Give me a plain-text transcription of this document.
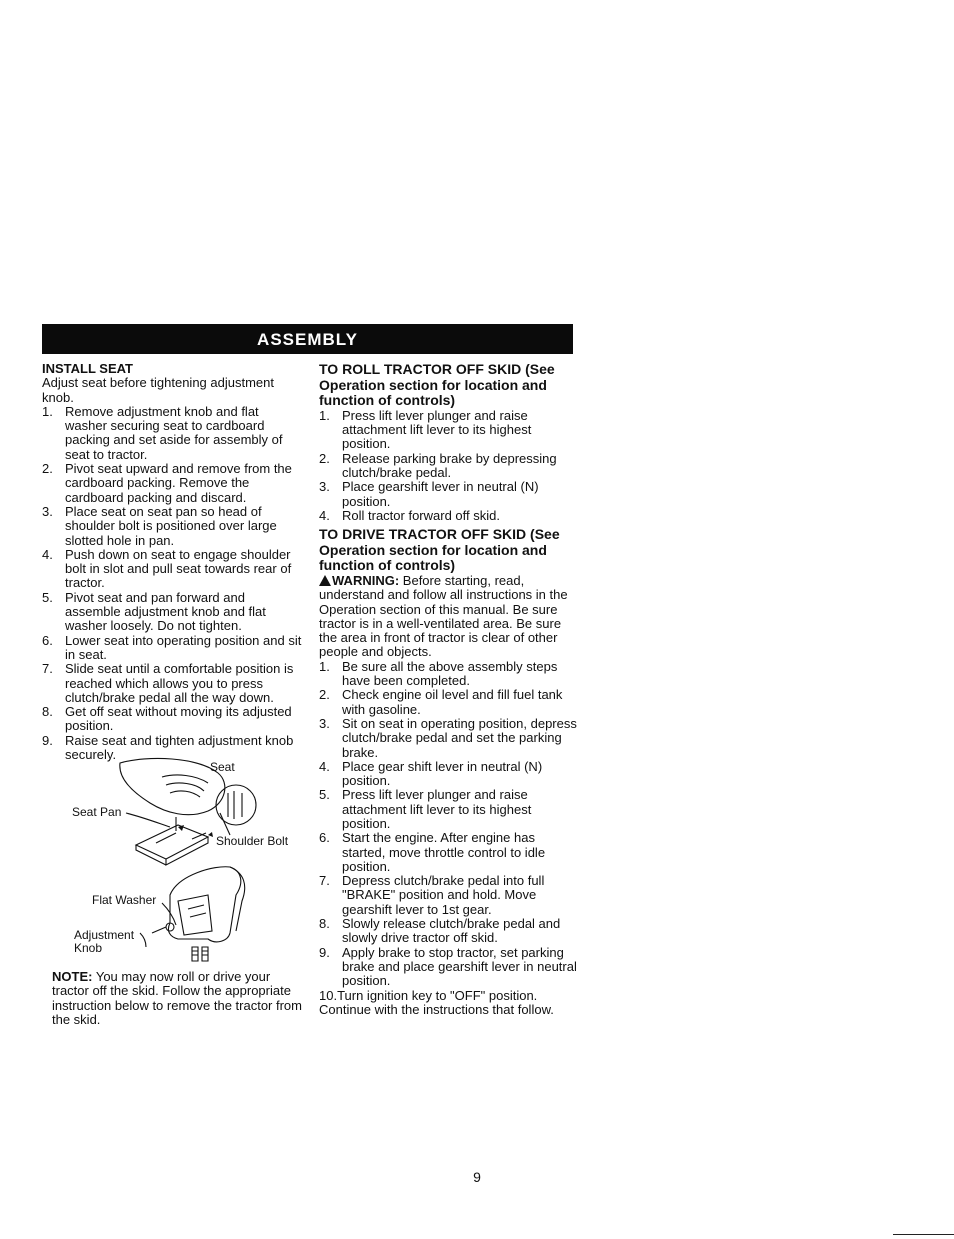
ASSEMBLY
INSTALL SEAT

Adjust seat before tightening adjustment knob.

1. Remove adjustment knob and flat washer securing seat to cardboard packing and set aside for assembly of seat to tractor.
2. Pivot seat upward and remove from the cardboard packing. Remove the cardboard packing and discard.
3. Place seat on seat pan so head of shoulder bolt is positioned over large slotted hole in pan.
4. Push down on seat to engage shoulder bolt in slot and pull seat towards rear of tractor.
5. Pivot seat and pan forward and assemble adjustment knob and flat washer loosely. Do not tighten.
6. Lower seat into operating position and sit in seat.
7. Slide seat until a comfortable position is reached which allows you to press clutch/brake pedal all the way down.
8. Get off seat without moving its adjusted position.
9. Raise seat and tighten adjustment knob securely.
Seat
Seat Pan
Shoulder Bolt
Flat Washer
Adjustment
Knob
NOTE: You may now roll or drive your tractor off the skid. Follow the appropriate instruction below to remove the tractor from the skid.
TO ROLL TRACTOR OFF SKID (See Operation section for location and function of controls)
1. Press lift lever plunger and raise attachment lift lever to its highest position.
2. Release parking brake by depressing clutch/brake pedal.
3. Place gearshift lever in neutral (N) position.
4. Roll tractor forward off skid.
TO DRIVE TRACTOR OFF SKID (See Operation section for location and function of controls)

WARNING: Before starting, read, understand and follow all instructions in the Operation section of this manual. Be sure tractor is in a well-ventilated area. Be sure the area in front of tractor is clear of other people and objects.

1. Be sure all the above assembly steps have been completed.
2. Check engine oil level and fill fuel tank with gasoline.
3. Sit on seat in operating position, depress clutch/brake pedal and set the parking brake.
4. Place gear shift lever in neutral (N) position.
5. Press lift lever plunger and raise attachment lift lever to its highest position.
6. Start the engine. After engine has started, move throttle control to idle position.
7. Depress clutch/brake pedal into full "BRAKE" position and hold. Move gearshift lever to 1st gear.
8. Slowly release clutch/brake pedal and slowly drive tractor off skid.
9. Apply brake to stop tractor, set parking brake and place gearshift lever in neutral position.

10.Turn ignition key to "OFF" position.

Continue with the instructions that follow.

9
